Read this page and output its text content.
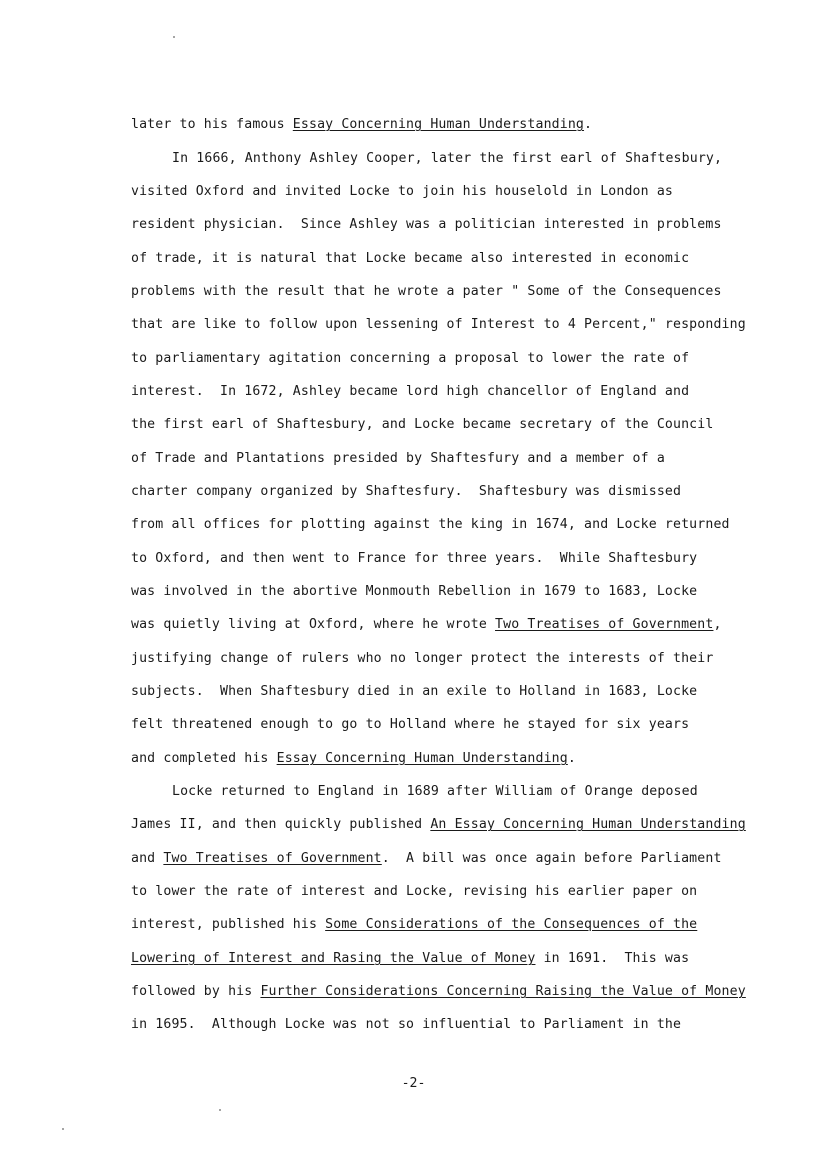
later to his famous Essay Concerning Human Understanding.
In 1666, Anthony Ashley Cooper, later the first earl of Shaftesbury,
visited Oxford and invited Locke to join his houselold in London as
resident physician.  Since Ashley was a politician interested in problems
of trade, it is natural that Locke became also interested in economic
problems with the result that he wrote a pater " Some of the Consequences
that are like to follow upon lessening of Interest to 4 Percent," responding
to parliamentary agitation concerning a proposal to lower the rate of
interest.  In 1672, Ashley became lord high chancellor of England and
the first earl of Shaftesbury, and Locke became secretary of the Council
of Trade and Plantations presided by Shaftesfury and a member of a
charter company organized by Shaftesfury.  Shaftesbury was dismissed
from all offices for plotting against the king in 1674, and Locke returned
to Oxford, and then went to France for three years.  While Shaftesbury
was involved in the abortive Monmouth Rebellion in 1679 to 1683, Locke
was quietly living at Oxford, where he wrote Two Treatises of Government,
justifying change of rulers who no longer protect the interests of their
subjects.  When Shaftesbury died in an exile to Holland in 1683, Locke
felt threatened enough to go to Holland where he stayed for six years
and completed his Essay Concerning Human Understanding.
Locke returned to England in 1689 after William of Orange deposed
James II, and then quickly published An Essay Concerning Human Understanding
and Two Treatises of Government.  A bill was once again before Parliament
to lower the rate of interest and Locke, revising his earlier paper on
interest, published his Some Considerations of the Consequences of the
Lowering of Interest and Rasing the Value of Money in 1691.  This was
followed by his Further Considerations Concerning Raising the Value of Money
in 1695.  Although Locke was not so influential to Parliament in the
-2-
